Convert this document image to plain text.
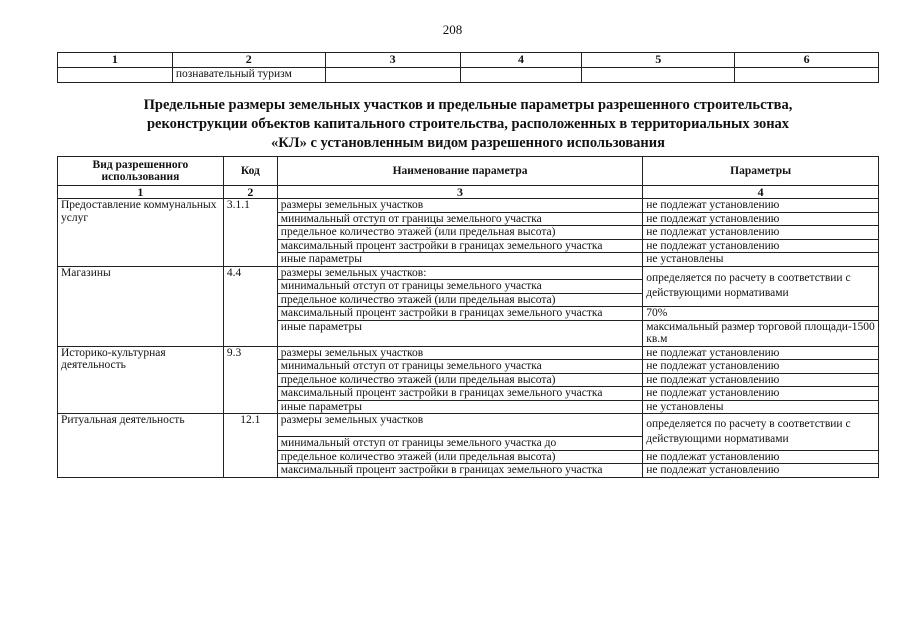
208
1	2	3	4	5	6
	познавательный туризм				
Предельные размеры земельных участков и предельные параметры разрешенного строительства,
реконструкции объектов капитального строительства, расположенных в территориальных зонах
«КЛ» с установленным видом разрешенного использования
Вид разрешенного использования	Код	Наименование параметра	Параметры
1	2	3	4
Предоставление коммунальных услуг	3.1.1	размеры земельных участков	не подлежат установлению
		минимальный отступ от границы земельного участка	не подлежат установлению
		предельное количество этажей (или предельная высота)	не подлежат установлению
		максимальный процент застройки в границах земельного участка	не подлежат установлению
		иные параметры	не установлены
Магазины	4.4	размеры земельных участков:	определяется по расчету в соответствии с действующими нормативами
		минимальный отступ от границы земельного участка	
		предельное количество этажей (или предельная высота)	
		максимальный процент застройки в границах земельного участка	70%
		иные параметры	максимальный размер торговой площади-1500 кв.м
Историко-культурная деятельность	9.3	размеры земельных участков	не подлежат установлению
		минимальный отступ от границы земельного участка	не подлежат установлению
		предельное количество этажей (или предельная высота)	не подлежат установлению
		максимальный процент застройки в границах земельного участка	не подлежат установлению
		иные параметры	не установлены
Ритуальная деятельность	12.1	размеры земельных участков	определяется по расчету в соответствии с действующими нормативами
		минимальный отступ от границы земельного участка до	
		предельное количество этажей (или предельная высота)	не подлежат установлению
		максимальный процент застройки в границах земельного участка	не подлежат установлению
